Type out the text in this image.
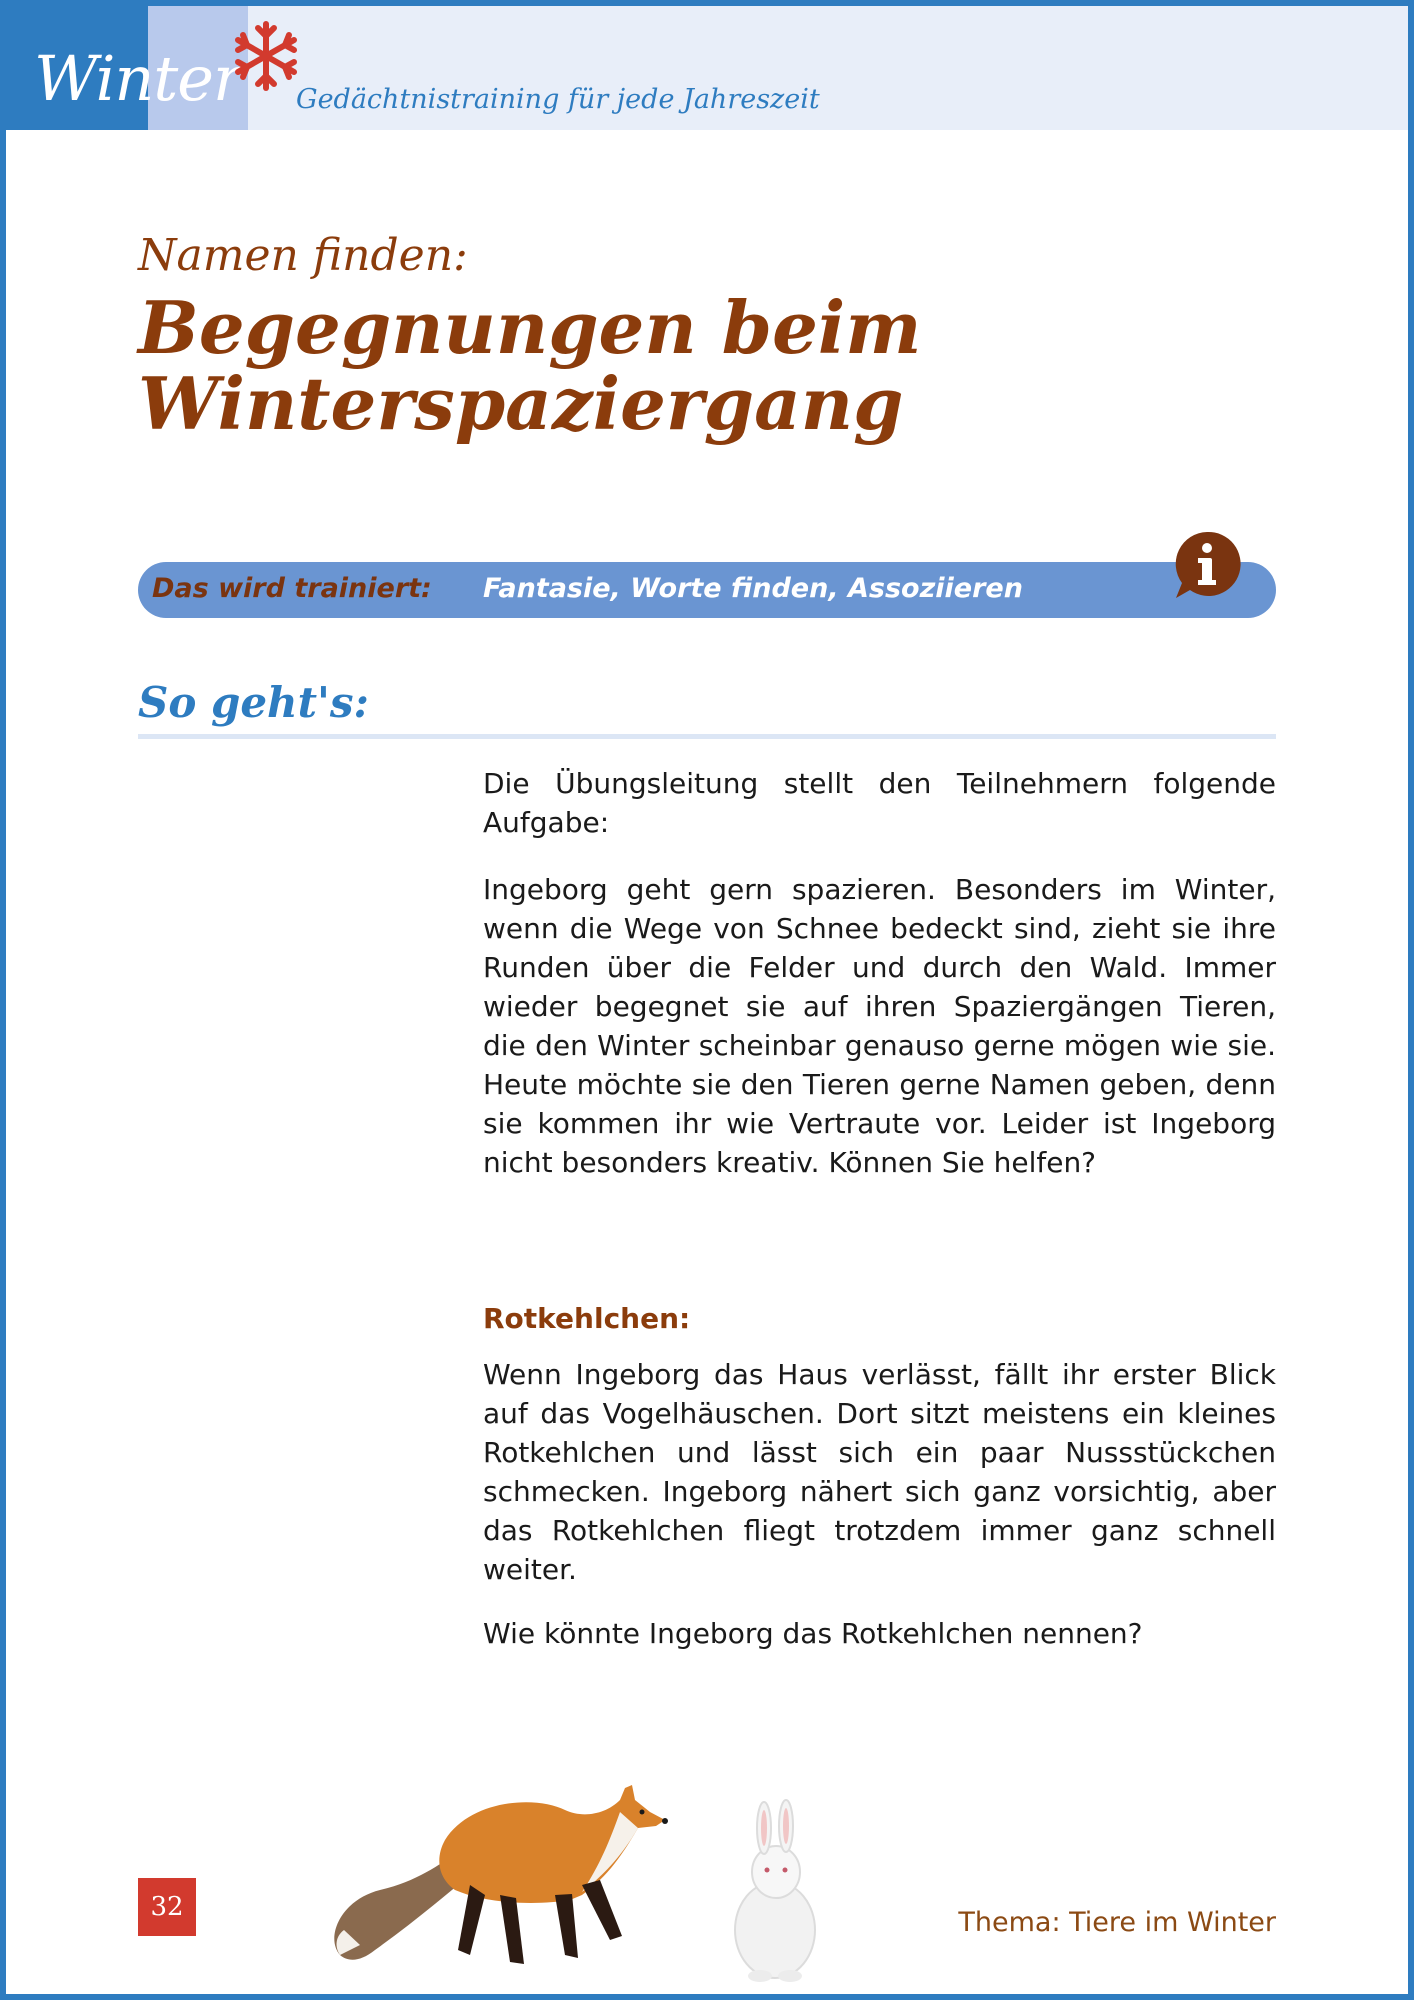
Winter Gedächtnistraining für jede Jahreszeit
Namen finden:
Begegnungen beim
Winterspaziergang
Das wird trainiert: Fantasie, Worte finden, Assoziieren
So geht's:
Die Übungsleitung stellt den Teilnehmern folgende Aufgabe:
Ingeborg geht gern spazieren. Besonders im Winter, wenn die Wege von Schnee bedeckt sind, zieht sie ihre Runden über die Felder und durch den Wald. Immer wieder begegnet sie auf ihren Spaziergängen Tieren, die den Winter scheinbar genauso gerne mögen wie sie. Heute möchte sie den Tieren gerne Namen geben, denn sie kommen ihr wie Vertraute vor. Leider ist Ingeborg nicht besonders kreativ. Können Sie helfen?
Rotkehlchen:
Wenn Ingeborg das Haus verlässt, fällt ihr erster Blick auf das Vogelhäuschen. Dort sitzt meistens ein kleines Rotkehlchen und lässt sich ein paar Nussstückchen schmecken. Ingeborg nähert sich ganz vorsichtig, aber das Rotkehlchen fliegt trotzdem immer ganz schnell weiter.
Wie könnte Ingeborg das Rotkehlchen nennen?
32	Thema: Tiere im Winter
